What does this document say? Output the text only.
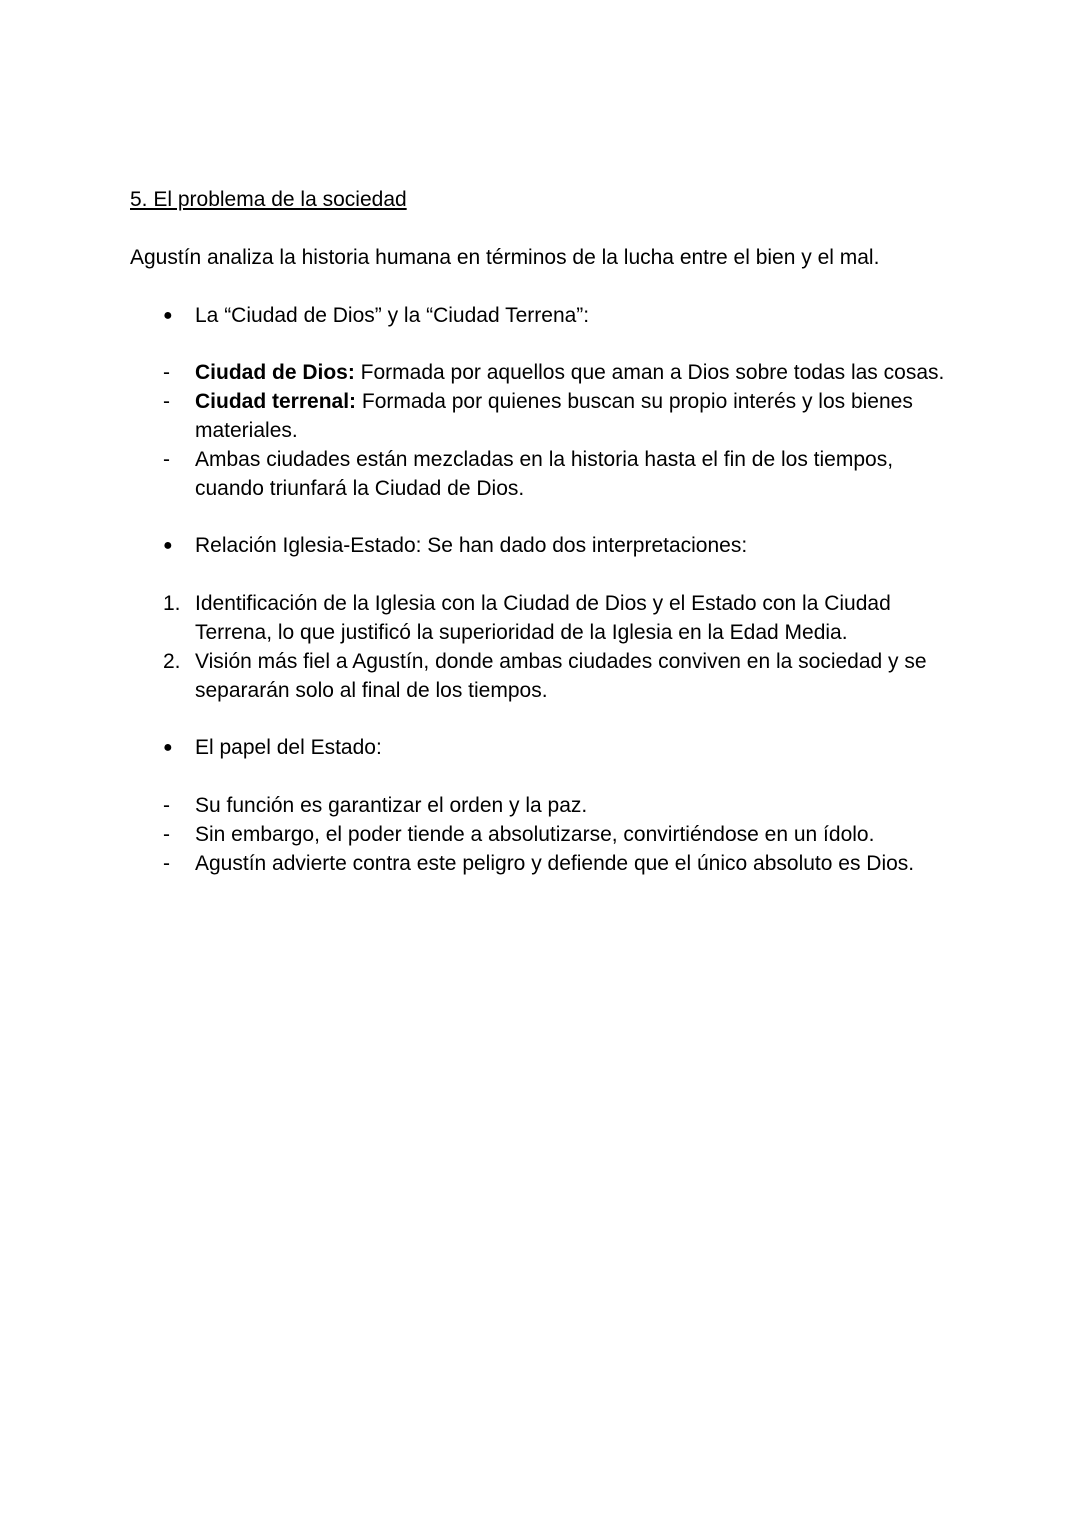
5. El problema de la sociedad

Agustín analiza la historia humana en términos de la lucha entre el bien y el mal.

●	La “Ciudad de Dios” y la “Ciudad Terrena”:
- Ciudad de Dios: Formada por aquellos que aman a Dios sobre todas las cosas.
- Ciudad terrenal: Formada por quienes buscan su propio interés y los bienes materiales.
- Ambas ciudades están mezcladas en la historia hasta el fin de los tiempos, cuando triunfará la Ciudad de Dios.
●	Relación Iglesia-Estado: Se han dado dos interpretaciones:
1. Identificación de la Iglesia con la Ciudad de Dios y el Estado con la Ciudad Terrena, lo que justificó la superioridad de la Iglesia en la Edad Media.
2. Visión más fiel a Agustín, donde ambas ciudades conviven en la sociedad y se separarán solo al final de los tiempos.
●	El papel del Estado:
- Su función es garantizar el orden y la paz.
- Sin embargo, el poder tiende a absolutizarse, convirtiéndose en un ídolo.
- Agustín advierte contra este peligro y defiende que el único absoluto es Dios.
